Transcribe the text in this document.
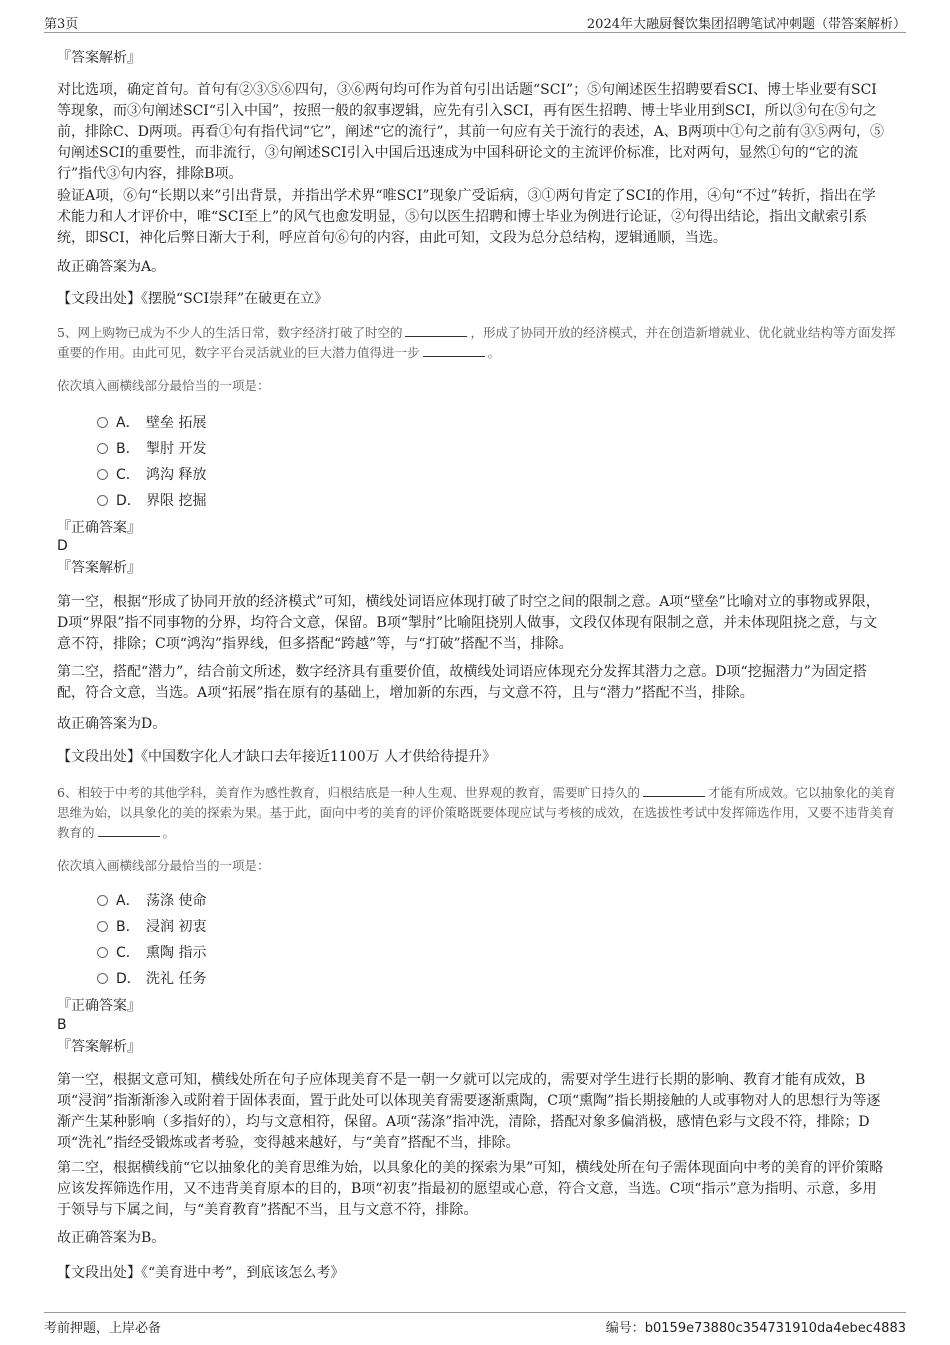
第3页	2024年大融厨餐饮集团招聘笔试冲刺题（带答案解析）

『答案解析』

对比选项，确定首句。首句有②③⑤⑥四句，③⑥两句均可作为首句引出话题“SCI”；⑤句阐述医生招聘要看SCI、博士毕业要有SCI等现象，而③句阐述SCI“引入中国”，按照一般的叙事逻辑，应先有引入SCI，再有医生招聘、博士毕业用到SCI，所以③句在⑤句之前，排除C、D两项。再看①句有指代词“它”，阐述“它的流行”，其前一句应有关于流行的表述，A、B两项中①句之前有③⑤两句，⑤句阐述SCI的重要性，而非流行，③句阐述SCI引入中国后迅速成为中国科研论文的主流评价标准，比对两句，显然①句的“它的流行”指代③句内容，排除B项。

验证A项，⑥句“长期以来”引出背景，并指出学术界“唯SCI”现象广受诟病，③①两句肯定了SCI的作用，④句“不过”转折，指出在学术能力和人才评价中，唯“SCI至上”的风气也愈发明显，⑤句以医生招聘和博士毕业为例进行论证，②句得出结论，指出文献索引系统，即SCI，神化后弊日渐大于利，呼应首句⑥句的内容，由此可知，文段为总分总结构，逻辑通顺，当选。

故正确答案为A。

【文段出处】《摆脱“SCI崇拜”在破更在立》

5、网上购物已成为不少人的生活日常，数字经济打破了时空的	，形成了协同开放的经济模式，并在创造新增就业、优化就业结构等方面发挥重要的作用。由此可见，数字平台灵活就业的巨大潜力值得进一步	。

依次填入画横线部分最恰当的一项是：

A． 壁垒 拓展
B． 掣肘 开发
C． 鸿沟 释放
D． 界限 挖掘

『正确答案』

D

『答案解析』

第一空，根据“形成了协同开放的经济模式”可知，横线处词语应体现打破了时空之间的限制之意。A项“壁垒”比喻对立的事物或界限，D项“界限”指不同事物的分界，均符合文意，保留。B项“掣肘”比喻阻挠别人做事，文段仅体现有限制之意，并未体现阻挠之意，与文意不符，排除；C项“鸿沟”指界线，但多搭配“跨越”等，与“打破”搭配不当，排除。

第二空，搭配“潜力”，结合前文所述，数字经济具有重要价值，故横线处词语应体现充分发挥其潜力之意。D项“挖掘潜力”为固定搭配，符合文意，当选。A项“拓展”指在原有的基础上，增加新的东西，与文意不符，且与“潜力”搭配不当，排除。

故正确答案为D。

【文段出处】《中国数字化人才缺口去年接近1100万 人才供给待提升》

6、相较于中考的其他学科，美育作为感性教育，归根结底是一种人生观、世界观的教育，需要旷日持久的	才能有所成效。它以抽象化的美育思维为始，以具象化的美的探索为果。基于此，面向中考的美育的评价策略既要体现应试与考核的成效，在选拔性考试中发挥筛选作用，又要不违背美育教育的	。

依次填入画横线部分最恰当的一项是：

A． 荡涤 使命
B． 浸润 初衷
C． 熏陶 指示
D． 洗礼 任务

『正确答案』

B

『答案解析』

第一空，根据文意可知，横线处所在句子应体现美育不是一朝一夕就可以完成的，需要对学生进行长期的影响、教育才能有成效，B项“浸润”指渐渐渗入或附着于固体表面，置于此处可以体现美育需要逐渐熏陶，C项“熏陶”指长期接触的人或事物对人的思想行为等逐渐产生某种影响（多指好的），均与文意相符，保留。A项“荡涤”指冲洗，清除，搭配对象多偏消极，感情色彩与文段不符，排除；D项“洗礼”指经受锻炼或者考验，变得越来越好，与“美育”搭配不当，排除。

第二空，根据横线前“它以抽象化的美育思维为始，以具象化的美的探索为果”可知，横线处所在句子需体现面向中考的美育的评价策略应该发挥筛选作用，又不违背美育原本的目的，B项“初衷”指最初的愿望或心意，符合文意，当选。C项“指示”意为指明、示意，多用于领导与下属之间，与“美育教育”搭配不当，且与文意不符，排除。

故正确答案为B。

【文段出处】《“美育进中考”，到底该怎么考》

考前押题，上岸必备	编号：b0159e73880c354731910da4ebec4883
